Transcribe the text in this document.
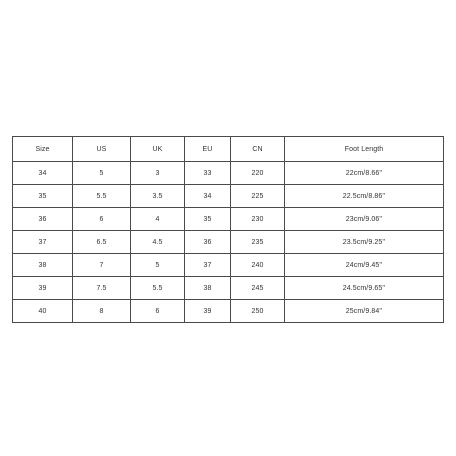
Size	US	UK	EU	CN	Foot Length
34	5	3	33	220	22cm/8.66''
35	5.5	3.5	34	225	22.5cm/8.86''
36	6	4	35	230	23cm/9.06''
37	6.5	4.5	36	235	23.5cm/9.25''
38	7	5	37	240	24cm/9.45''
39	7.5	5.5	38	245	24.5cm/9.65''
40	8	6	39	250	25cm/9.84''
